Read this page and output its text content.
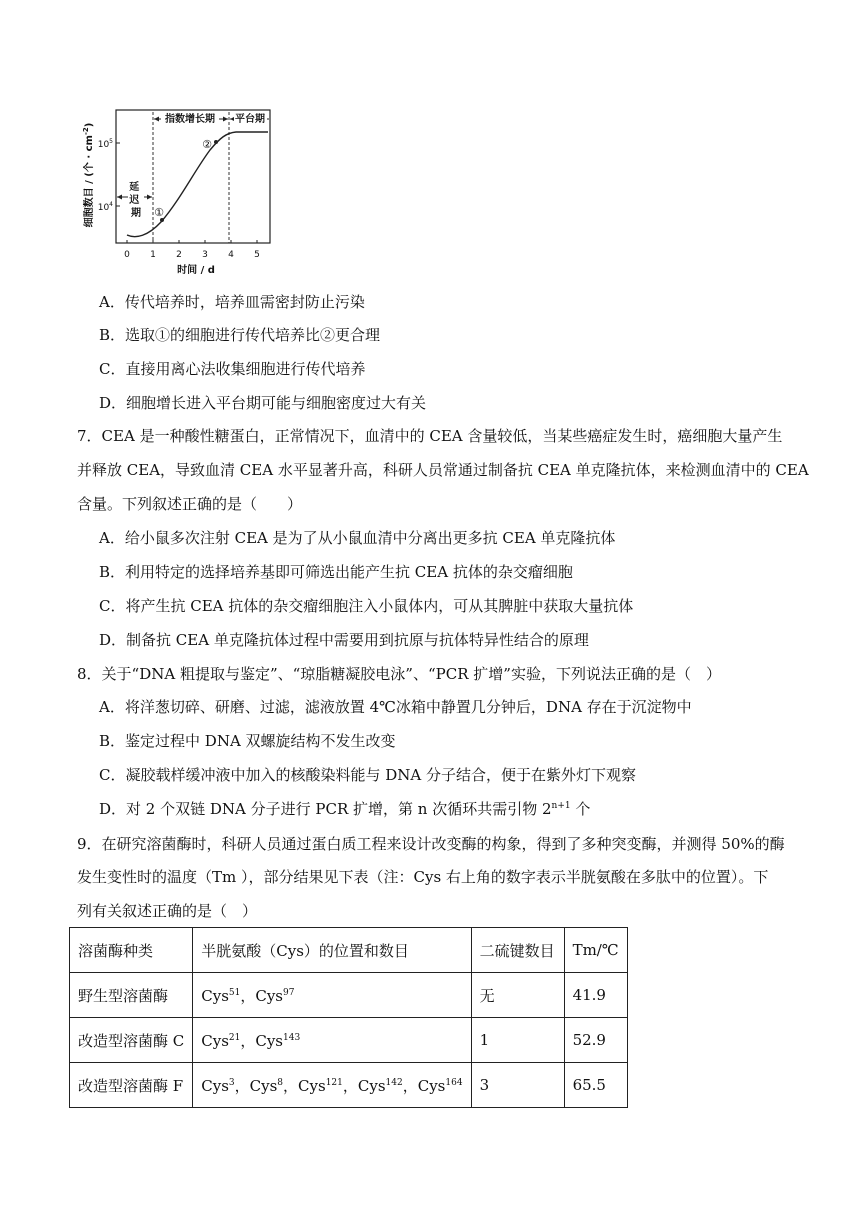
细胞数目 / (个 · $cm^{-2}$)
$10^5$
$10^4$
0 1 2 3 4 5
时间 / d
指数增长期 平台期
延 迟 期 ①
②
A．传代培养时，培养皿需密封防止污染
B．选取①的细胞进行传代培养比②更合理
C．直接用离心法收集细胞进行传代培养
D．细胞增长进入平台期可能与细胞密度过大有关
7．CEA 是一种酸性糖蛋白，正常情况下，血清中的 CEA 含量较低，当某些癌症发生时，癌细胞大量产生
并释放 CEA，导致血清 CEA 水平显著升高，科研人员常通过制备抗 CEA 单克隆抗体，来检测血清中的 CEA
含量。下列叙述正确的是（　　）
A．给小鼠多次注射 CEA 是为了从小鼠血清中分离出更多抗 CEA 单克隆抗体
B．利用特定的选择培养基即可筛选出能产生抗 CEA 抗体的杂交瘤细胞
C．将产生抗 CEA 抗体的杂交瘤细胞注入小鼠体内，可从其脾脏中获取大量抗体
D．制备抗 CEA 单克隆抗体过程中需要用到抗原与抗体特异性结合的原理
8．关于“DNA 粗提取与鉴定”、“琼脂糖凝胶电泳”、“PCR 扩增”实验，下列说法正确的是（　）
A．将洋葱切碎、研磨、过滤，滤液放置 4℃冰箱中静置几分钟后，DNA 存在于沉淀物中
B．鉴定过程中 DNA 双螺旋结构不发生改变
C．凝胶载样缓冲液中加入的核酸染料能与 DNA 分子结合，便于在紫外灯下观察
D．对 2 个双链 DNA 分子进行 PCR 扩增，第 n 次循环共需引物 $2^{n+1}$ 个
9．在研究溶菌酶时，科研人员通过蛋白质工程来设计改变酶的构象，得到了多种突变酶，并测得 50%的酶
发生变性时的温度（Tm ），部分结果见下表（注：Cys 右上角的数字表示半胱氨酸在多肽中的位置）。下
列有关叙述正确的是（　）
溶菌酶种类	半胱氨酸（Cys）的位置和数目	二硫键数目	Tm/℃
野生型溶菌酶	Cys$^{51}$，Cys$^{97}$	无	41.9
改造型溶菌酶 C	Cys$^{21}$，Cys$^{143}$	1	52.9
改造型溶菌酶 F	Cys$^3$，Cys$^8$，Cys$^{121}$，Cys$^{142}$，Cys$^{164}$	3	65.5
